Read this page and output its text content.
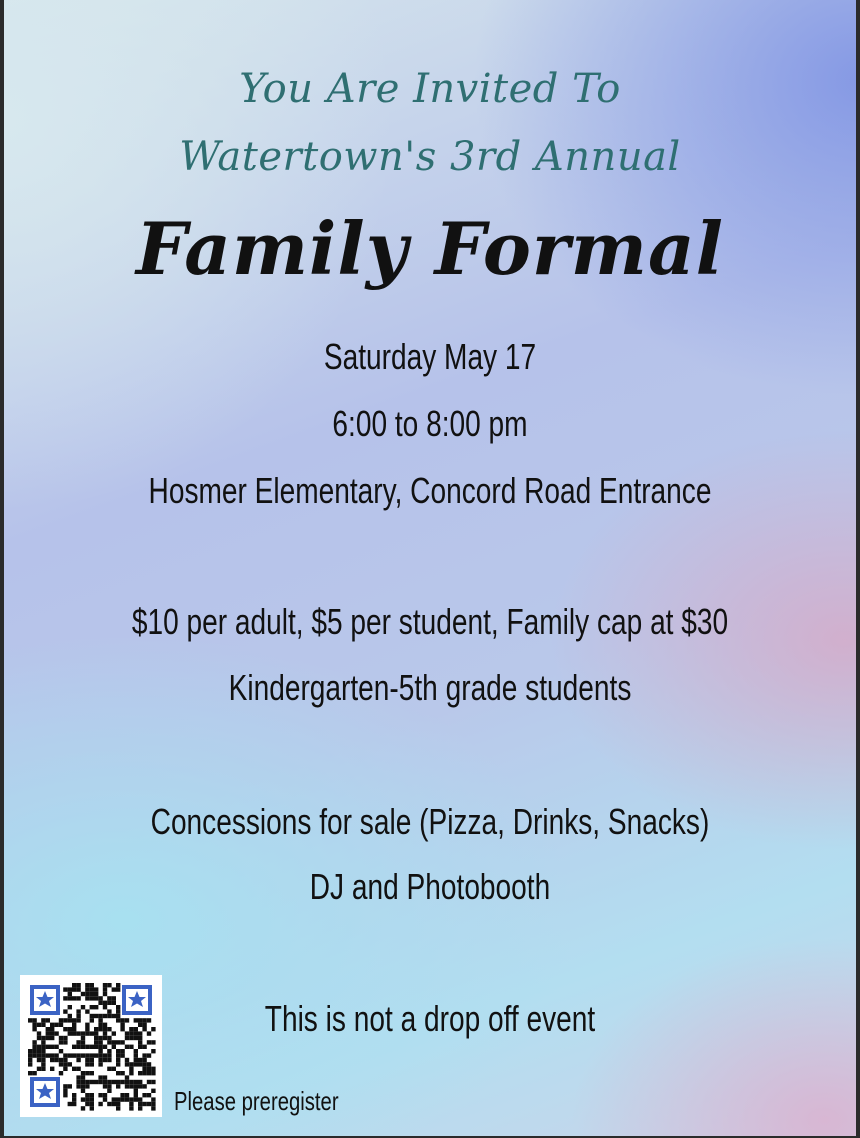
You Are Invited To
Watertown's 3rd Annual
Family Formal
Saturday May 17
6:00 to 8:00 pm
Hosmer Elementary, Concord Road Entrance
$10 per adult, $5 per student, Family cap at $30
Kindergarten-5th grade students
Concessions for sale (Pizza, Drinks, Snacks)
DJ and Photobooth
This is not a drop off event
Please preregister
